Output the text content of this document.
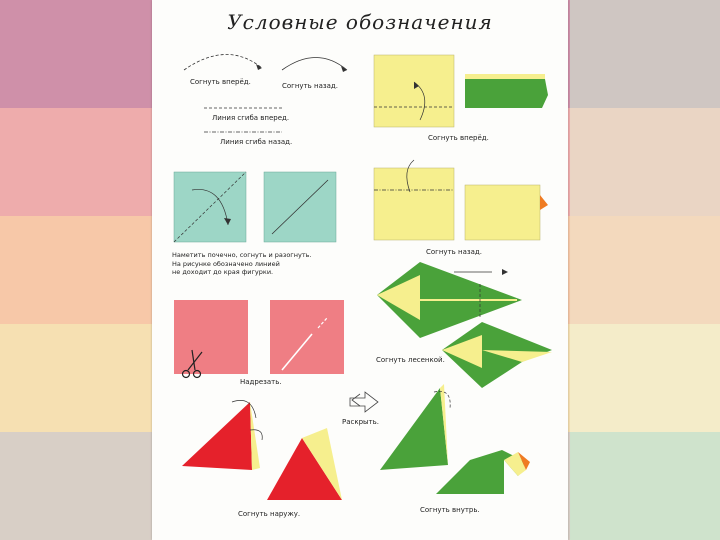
Условные обозначения
Согнуть вперёд.	Согнуть назад.
Линия сгиба вперед.
Линия сгиба назад.	Согнуть вперёд.
Согнуть назад.
Наметить почечно, согнуть и разогнуть.
На рисунке обозначено линией
не доходит до края фигурки.
Согнуть лесенкой.
Надрезать.
Раскрыть.
Согнуть наружу.	Согнуть внутрь.
